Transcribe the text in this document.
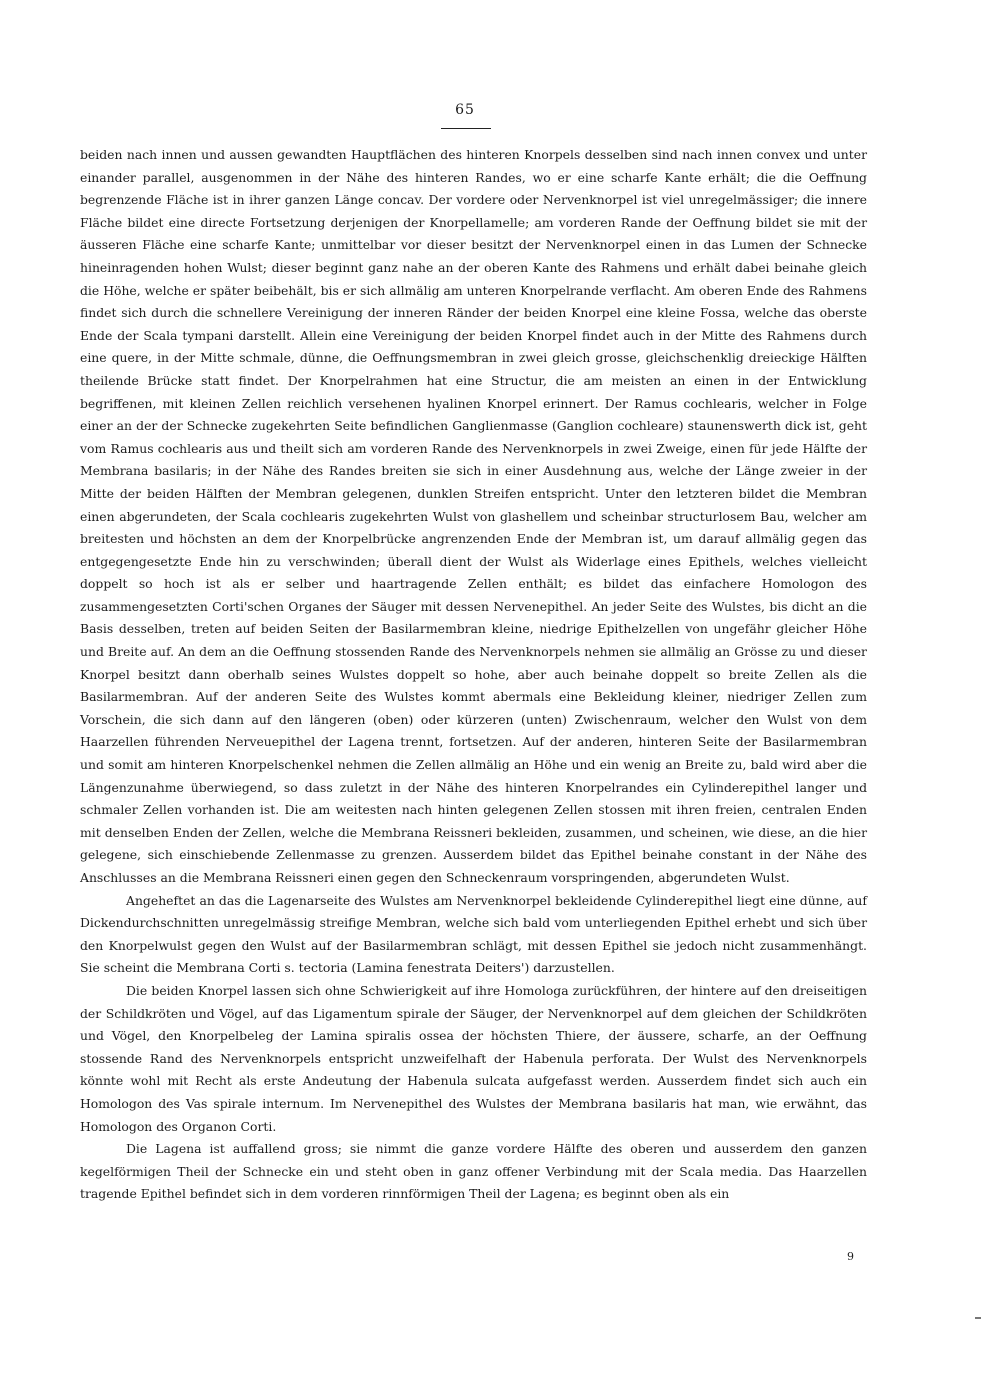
65

beiden nach innen und aussen gewandten Hauptflächen des hinteren Knorpels desselben sind nach innen convex und unter einander parallel, ausgenommen in der Nähe des hinteren Randes, wo er eine scharfe Kante erhält; die die Oeffnung begrenzende Fläche ist in ihrer ganzen Länge concav. Der vordere oder Nervenknorpel ist viel unregelmässiger; die innere Fläche bildet eine directe Fortsetzung derjenigen der Knorpellamelle; am vorderen Rande der Oeffnung bildet sie mit der äusseren Fläche eine scharfe Kante; unmittelbar vor dieser besitzt der Nervenknorpel einen in das Lumen der Schnecke hineinragenden hohen Wulst; dieser beginnt ganz nahe an der oberen Kante des Rahmens und erhält dabei beinahe gleich die Höhe, welche er später beibehält, bis er sich allmälig am unteren Knorpelrande verflacht. Am oberen Ende des Rahmens findet sich durch die schnellere Vereinigung der inneren Ränder der beiden Knorpel eine kleine Fossa, welche das oberste Ende der Scala tympani darstellt. Allein eine Vereinigung der beiden Knorpel findet auch in der Mitte des Rahmens durch eine quere, in der Mitte schmale, dünne, die Oeffnungsmembran in zwei gleich grosse, gleichschenklig dreieckige Hälften theilende Brücke statt findet. Der Knorpelrahmen hat eine Structur, die am meisten an einen in der Entwicklung begriffenen, mit kleinen Zellen reichlich versehenen hyalinen Knorpel erinnert. Der Ramus cochlearis, welcher in Folge einer an der der Schnecke zugekehrten Seite befindlichen Ganglienmasse (Ganglion cochleare) staunenswerth dick ist, geht vom Ramus cochlearis aus und theilt sich am vorderen Rande des Nervenknorpels in zwei Zweige, einen für jede Hälfte der Membrana basilaris; in der Nähe des Randes breiten sie sich in einer Ausdehnung aus, welche der Länge zweier in der Mitte der beiden Hälften der Membran gelegenen, dunklen Streifen entspricht. Unter den letzteren bildet die Membran einen abgerundeten, der Scala cochlearis zugekehrten Wulst von glashellem und scheinbar structurlosem Bau, welcher am breitesten und höchsten an dem der Knorpelbrücke angrenzenden Ende der Membran ist, um darauf allmälig gegen das entgegengesetzte Ende hin zu verschwinden; überall dient der Wulst als Widerlage eines Epithels, welches vielleicht doppelt so hoch ist als er selber und haartragende Zellen enthält; es bildet das einfachere Homologon des zusammengesetzten Corti'schen Organes der Säuger mit dessen Nervenepithel. An jeder Seite des Wulstes, bis dicht an die Basis desselben, treten auf beiden Seiten der Basilarmembran kleine, niedrige Epithelzellen von ungefähr gleicher Höhe und Breite auf. An dem an die Oeffnung stossenden Rande des Nervenknorpels nehmen sie allmälig an Grösse zu und dieser Knorpel besitzt dann oberhalb seines Wulstes doppelt so hohe, aber auch beinahe doppelt so breite Zellen als die Basilarmembran. Auf der anderen Seite des Wulstes kommt abermals eine Bekleidung kleiner, niedriger Zellen zum Vorschein, die sich dann auf den längeren (oben) oder kürzeren (unten) Zwischenraum, welcher den Wulst von dem Haarzellen führenden Nerveuepithel der Lagena trennt, fortsetzen. Auf der anderen, hinteren Seite der Basilarmembran und somit am hinteren Knorpelschenkel nehmen die Zellen allmälig an Höhe und ein wenig an Breite zu, bald wird aber die Längenzunahme überwiegend, so dass zuletzt in der Nähe des hinteren Knorpelrandes ein Cylinderepithel langer und schmaler Zellen vorhanden ist. Die am weitesten nach hinten gelegenen Zellen stossen mit ihren freien, centralen Enden mit denselben Enden der Zellen, welche die Membrana Reissneri bekleiden, zusammen, und scheinen, wie diese, an die hier gelegene, sich einschiebende Zellenmasse zu grenzen. Ausserdem bildet das Epithel beinahe constant in der Nähe des Anschlusses an die Membrana Reissneri einen gegen den Schneckenraum vorspringenden, abgerundeten Wulst.

Angeheftet an das die Lagenarseite des Wulstes am Nervenknorpel bekleidende Cylinderepithel liegt eine dünne, auf Dickendurchschnitten unregelmässig streifige Membran, welche sich bald vom unterliegenden Epithel erhebt und sich über den Knorpelwulst gegen den Wulst auf der Basilarmembran schlägt, mit dessen Epithel sie jedoch nicht zusammenhängt. Sie scheint die Membrana Corti s. tectoria (Lamina fenestrata Deiters') darzustellen.

Die beiden Knorpel lassen sich ohne Schwierigkeit auf ihre Homologa zurückführen, der hintere auf den dreiseitigen der Schildkröten und Vögel, auf das Ligamentum spirale der Säuger, der Nervenknorpel auf dem gleichen der Schildkröten und Vögel, den Knorpelbeleg der Lamina spiralis ossea der höchsten Thiere, der äussere, scharfe, an der Oeffnung stossende Rand des Nervenknorpels entspricht unzweifelhaft der Habenula perforata. Der Wulst des Nervenknorpels könnte wohl mit Recht als erste Andeutung der Habenula sulcata aufgefasst werden. Ausserdem findet sich auch ein Homologon des Vas spirale internum. Im Nervenepithel des Wulstes der Membrana basilaris hat man, wie erwähnt, das Homologon des Organon Corti.

Die Lagena ist auffallend gross; sie nimmt die ganze vordere Hälfte des oberen und ausserdem den ganzen kegelförmigen Theil der Schnecke ein und steht oben in ganz offener Verbindung mit der Scala media. Das Haarzellen tragende Epithel befindet sich in dem vorderen rinnförmigen Theil der Lagena; es beginnt oben als ein

9
